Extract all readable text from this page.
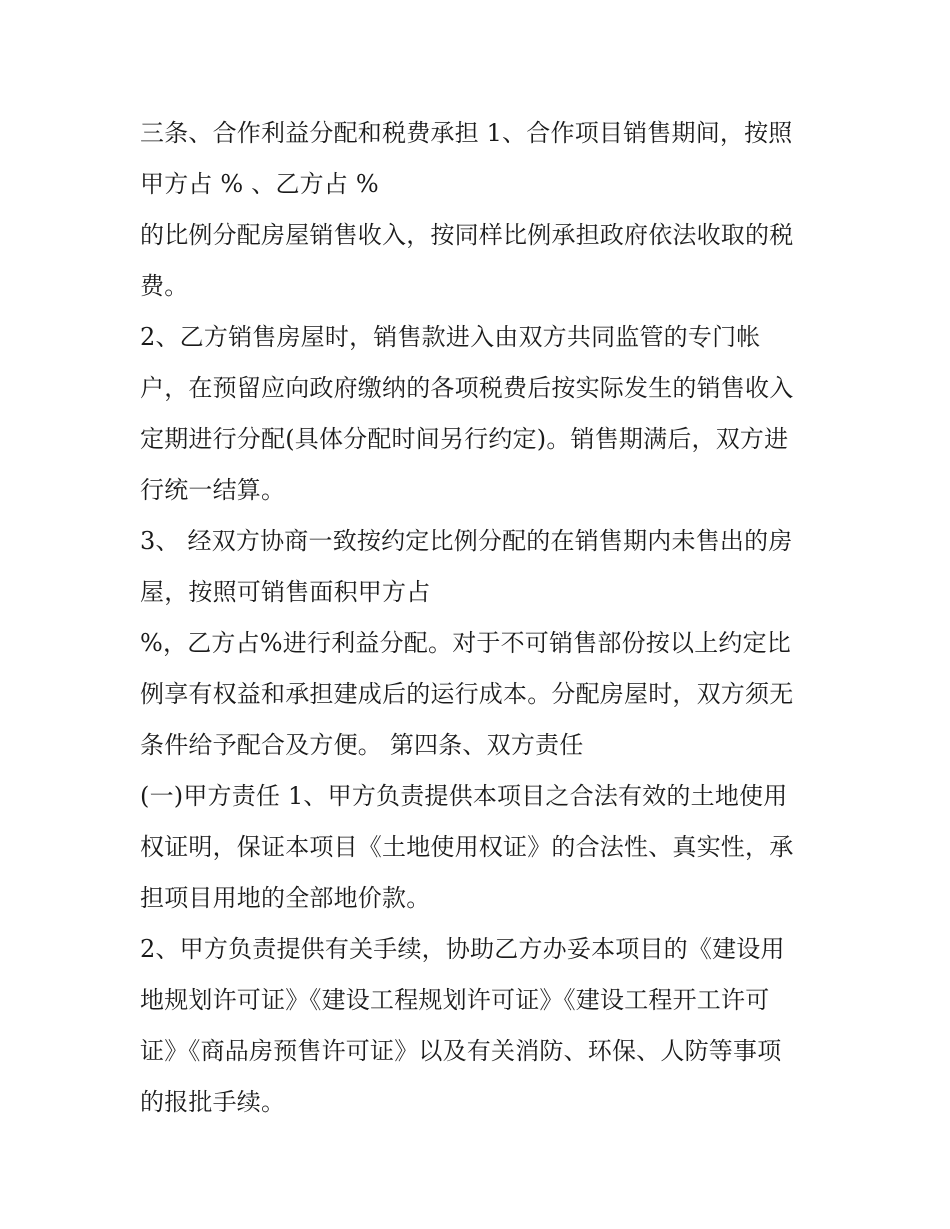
三条、合作利益分配和税费承担 1、合作项目销售期间，按照
甲方占 % 、乙方占 %
的比例分配房屋销售收入，按同样比例承担政府依法收取的税
费。
2、乙方销售房屋时，销售款进入由双方共同监管的专门帐
户，在预留应向政府缴纳的各项税费后按实际发生的销售收入
定期进行分配(具体分配时间另行约定)。销售期满后，双方进
行统一结算。
3、 经双方协商一致按约定比例分配的在销售期内未售出的房
屋，按照可销售面积甲方占
%，乙方占%进行利益分配。对于不可销售部份按以上约定比
例享有权益和承担建成后的运行成本。分配房屋时，双方须无
条件给予配合及方便。 第四条、双方责任
(一)甲方责任 1、甲方负责提供本项目之合法有效的土地使用
权证明，保证本项目《土地使用权证》的合法性、真实性，承
担项目用地的全部地价款。
2、甲方负责提供有关手续，协助乙方办妥本项目的《建设用
地规划许可证》《建设工程规划许可证》《建设工程开工许可
证》《商品房预售许可证》以及有关消防、环保、人防等事项
的报批手续。
